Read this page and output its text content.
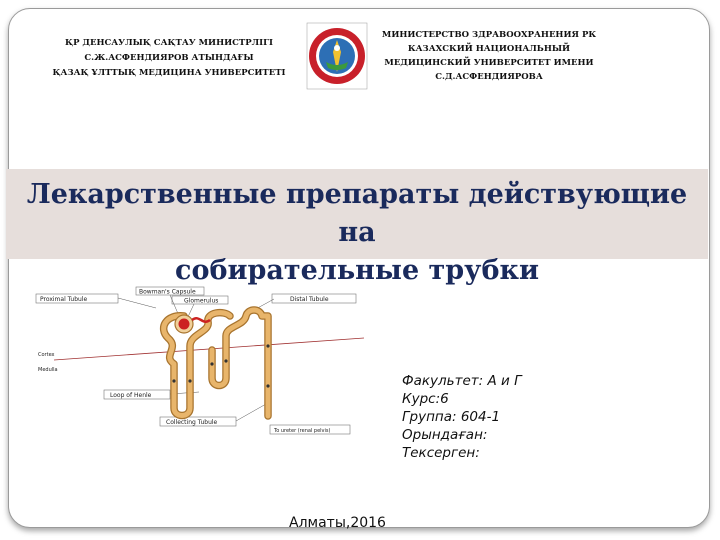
ҚР ДЕНСАУЛЫҚ САҚТАУ МИНИСТРЛІГІ
С.Ж.АСФЕНДИЯРОВ АТЫНДАҒЫ
ҚАЗАҚ ҰЛТТЫҚ МЕДИЦИНА УНИВЕРСИТЕТІ
МИНИСТЕРСТВО ЗДРАВООХРАНЕНИЯ РК
КАЗАХСКИЙ НАЦИОНАЛЬНЫЙ
МЕДИЦИНСКИЙ УНИВЕРСИТЕТ ИМЕНИ
С.Д.АСФЕНДИЯРОВА
Лекарственные препараты действующие на
собирательные трубки
Proximal Tubule
Bowman's Capsule
Glomerulus	Distal Tubule
Cortex
Medulla
Loop of Henle
Collecting Tubule
To ureter (renal pelvis)
Факультет: А и Г
Курс:6
Группа: 604-1
Орындаған:
Тексерген:
Алматы,2016
